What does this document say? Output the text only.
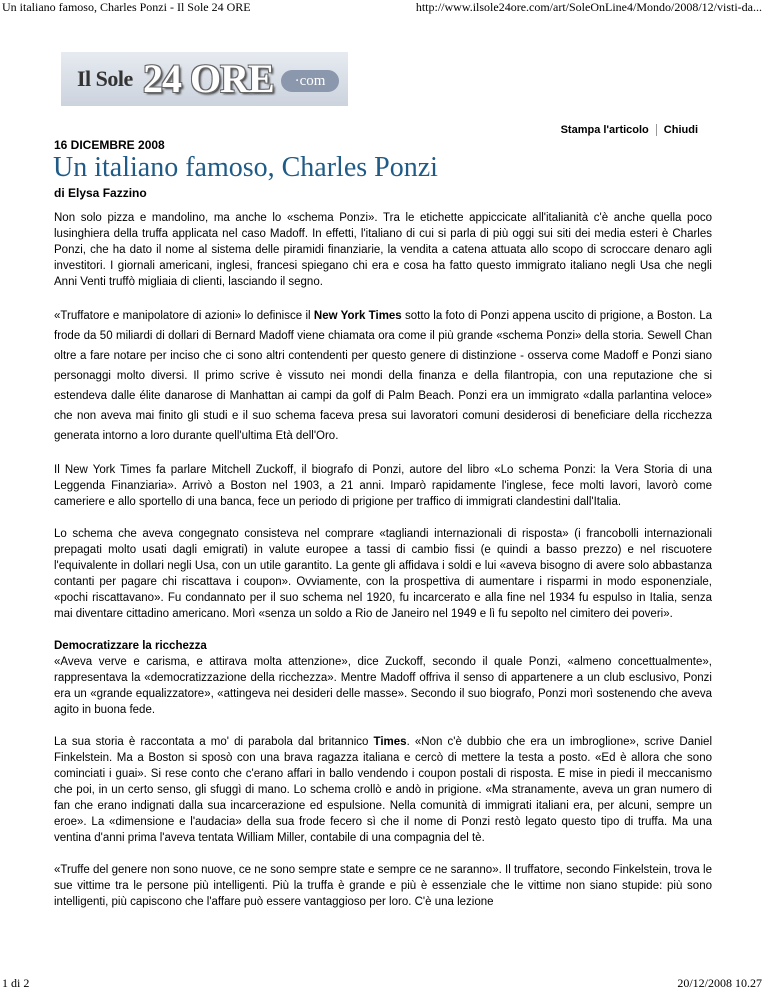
Un italiano famoso, Charles Ponzi - Il Sole 24 ORE	http://www.ilsole24ore.com/art/SoleOnLine4/Mondo/2008/12/visti-da...
Il Sole 24 ORE	·com
Stampa l'articolo Chiudi
16 DICEMBRE 2008
Un italiano famoso, Charles Ponzi
di Elysa Fazzino

Non solo pizza e mandolino, ma anche lo «schema Ponzi». Tra le etichette appiccicate all'italianità c'è anche quella poco lusinghiera della truffa applicata nel caso Madoff. In effetti, l'italiano di cui si parla di più oggi sui siti dei media esteri è Charles Ponzi, che ha dato il nome al sistema delle piramidi finanziarie, la vendita a catena attuata allo scopo di scroccare denaro agli investitori. I giornali americani, inglesi, francesi spiegano chi era e cosa ha fatto questo immigrato italiano negli Usa che negli Anni Venti truffò migliaia di clienti, lasciando il segno.

«Truffatore e manipolatore di azioni» lo definisce il New York Times sotto la foto di Ponzi appena uscito di prigione, a Boston. La frode da 50 miliardi di dollari di Bernard Madoff viene chiamata ora come il più grande «schema Ponzi» della storia. Sewell Chan oltre a fare notare per inciso che ci sono altri contendenti per questo genere di distinzione - osserva come Madoff e Ponzi siano personaggi molto diversi. Il primo scrive è vissuto nei mondi della finanza e della filantropia, con una reputazione che si estendeva dalle élite danarose di Manhattan ai campi da golf di Palm Beach. Ponzi era un immigrato «dalla parlantina veloce» che non aveva mai finito gli studi e il suo schema faceva presa sui lavoratori comuni desiderosi di beneficiare della ricchezza generata intorno a loro durante quell'ultima Età dell'Oro.

Il New York Times fa parlare Mitchell Zuckoff, il biografo di Ponzi, autore del libro «Lo schema Ponzi: la Vera Storia di una Leggenda Finanziaria». Arrivò a Boston nel 1903, a 21 anni. Imparò rapidamente l'inglese, fece molti lavori, lavorò come cameriere e allo sportello di una banca, fece un periodo di prigione per traffico di immigrati clandestini dall'Italia.

Lo schema che aveva congegnato consisteva nel comprare «tagliandi internazionali di risposta» (i francobolli internazionali prepagati molto usati dagli emigrati) in valute europee a tassi di cambio fissi (e quindi a basso prezzo) e nel riscuotere l'equivalente in dollari negli Usa, con un utile garantito. La gente gli affidava i soldi e lui «aveva bisogno di avere solo abbastanza contanti per pagare chi riscattava i coupon». Ovviamente, con la prospettiva di aumentare i risparmi in modo esponenziale, «pochi riscattavano». Fu condannato per il suo schema nel 1920, fu incarcerato e alla fine nel 1934 fu espulso in Italia, senza mai diventare cittadino americano. Morì «senza un soldo a Rio de Janeiro nel 1949 e lì fu sepolto nel cimitero dei poveri».

Democratizzare la ricchezza

«Aveva verve e carisma, e attirava molta attenzione», dice Zuckoff, secondo il quale Ponzi, «almeno concettualmente», rappresentava la «democratizzazione della ricchezza». Mentre Madoff offriva il senso di appartenere a un club esclusivo, Ponzi era un «grande equalizzatore», «attingeva nei desideri delle masse». Secondo il suo biografo, Ponzi morì sostenendo che aveva agito in buona fede.

La sua storia è raccontata a mo' di parabola dal britannico Times. «Non c'è dubbio che era un imbroglione», scrive Daniel Finkelstein. Ma a Boston si sposò con una brava ragazza italiana e cercò di mettere la testa a posto. «Ed è allora che sono cominciati i guai». Si rese conto che c'erano affari in ballo vendendo i coupon postali di risposta. E mise in piedi il meccanismo che poi, in un certo senso, gli sfuggì di mano. Lo schema crollò e andò in prigione. «Ma stranamente, aveva un gran numero di fan che erano indignati dalla sua incarcerazione ed espulsione. Nella comunità di immigrati italiani era, per alcuni, sempre un eroe». La «dimensione e l'audacia» della sua frode fecero sì che il nome di Ponzi restò legato questo tipo di truffa. Ma una ventina d'anni prima l'aveva tentata William Miller, contabile di una compagnia del tè.

«Truffe del genere non sono nuove, ce ne sono sempre state e sempre ce ne saranno». Il truffatore, secondo Finkelstein, trova le sue vittime tra le persone più intelligenti. Più la truffa è grande e più è essenziale che le vittime non siano stupide: più sono intelligenti, più capiscono che l'affare può essere vantaggioso per loro. C'è una lezione

1 di 2	20/12/2008 10.27
